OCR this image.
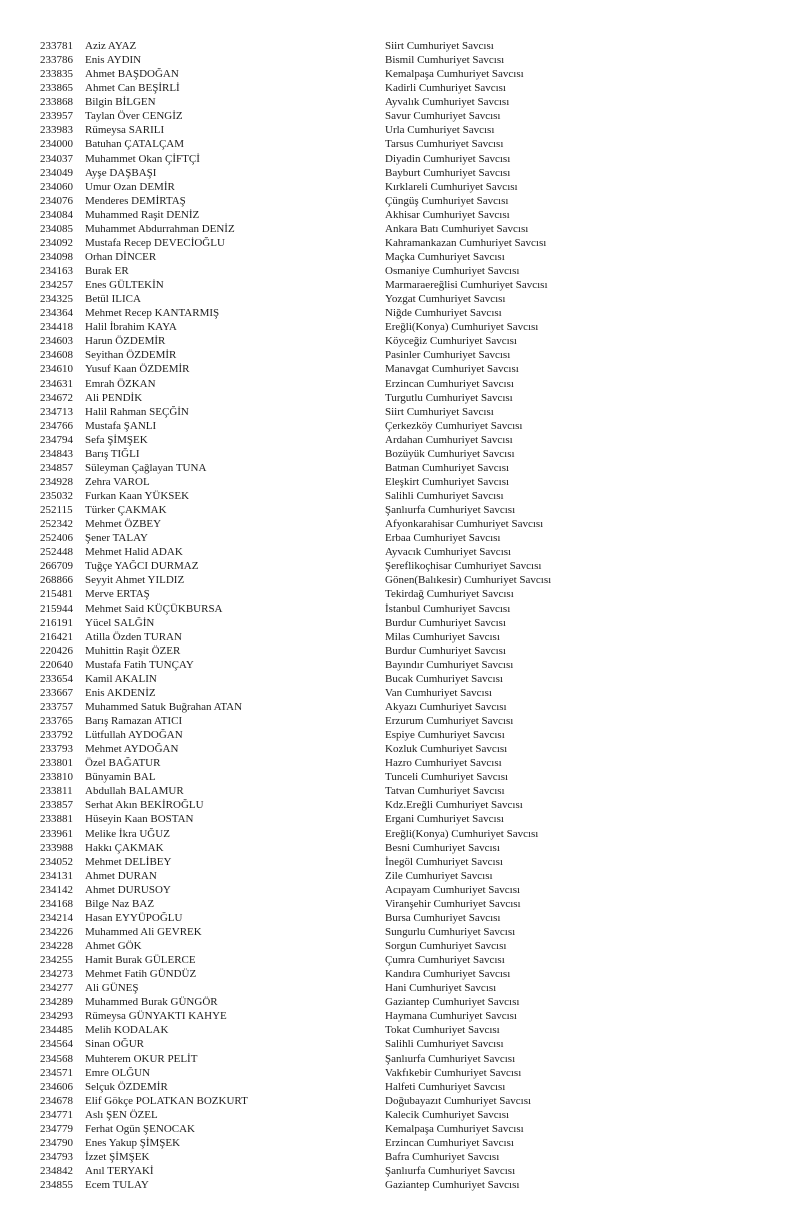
233781	Aziz AYAZ	Siirt Cumhuriyet Savcısı
233786	Enis AYDIN	Bismil Cumhuriyet Savcısı
233835	Ahmet BAŞDOĞAN	Kemalpaşa Cumhuriyet Savcısı
233865	Ahmet Can BEŞİRLİ	Kadirli Cumhuriyet Savcısı
233868	Bilgin BİLGEN	Ayvalık Cumhuriyet Savcısı
233957	Taylan Över CENGİZ	Savur Cumhuriyet Savcısı
233983	Rümeysa SARILI	Urla Cumhuriyet Savcısı
234000	Batuhan ÇATALÇAM	Tarsus Cumhuriyet Savcısı
234037	Muhammet Okan ÇİFTÇİ	Diyadin Cumhuriyet Savcısı
234049	Ayşe DAŞBAŞI	Bayburt Cumhuriyet Savcısı
234060	Umur Ozan DEMİR	Kırklareli Cumhuriyet Savcısı
234076	Menderes DEMİRTAŞ	Çüngüş Cumhuriyet Savcısı
234084	Muhammed Raşit DENİZ	Akhisar Cumhuriyet Savcısı
234085	Muhammet Abdurrahman DENİZ	Ankara Batı Cumhuriyet Savcısı
234092	Mustafa Recep DEVECİOĞLU	Kahramankazan Cumhuriyet Savcısı
234098	Orhan DİNCER	Maçka Cumhuriyet Savcısı
234163	Burak ER	Osmaniye Cumhuriyet Savcısı
234257	Enes GÜLTEKİN	Marmaraereğlisi Cumhuriyet Savcısı
234325	Betül ILICA	Yozgat Cumhuriyet Savcısı
234364	Mehmet Recep KANTARMIŞ	Niğde Cumhuriyet Savcısı
234418	Halil İbrahim KAYA	Ereğli(Konya) Cumhuriyet Savcısı
234603	Harun ÖZDEMİR	Köyceğiz Cumhuriyet Savcısı
234608	Seyithan ÖZDEMİR	Pasinler Cumhuriyet Savcısı
234610	Yusuf Kaan ÖZDEMİR	Manavgat Cumhuriyet Savcısı
234631	Emrah ÖZKAN	Erzincan Cumhuriyet Savcısı
234672	Ali PENDİK	Turgutlu Cumhuriyet Savcısı
234713	Halil Rahman SEÇĞİN	Siirt Cumhuriyet Savcısı
234766	Mustafa ŞANLI	Çerkezköy Cumhuriyet Savcısı
234794	Sefa ŞİMŞEK	Ardahan Cumhuriyet Savcısı
234843	Barış TIĞLI	Bozüyük Cumhuriyet Savcısı
234857	Süleyman Çağlayan TUNA	Batman Cumhuriyet Savcısı
234928	Zehra VAROL	Eleşkirt Cumhuriyet Savcısı
235032	Furkan Kaan YÜKSEK	Salihli Cumhuriyet Savcısı
252115	Türker ÇAKMAK	Şanlıurfa Cumhuriyet Savcısı
252342	Mehmet ÖZBEY	Afyonkarahisar Cumhuriyet Savcısı
252406	Şener TALAY	Erbaa Cumhuriyet Savcısı
252448	Mehmet Halid ADAK	Ayvacık Cumhuriyet Savcısı
266709	Tuğçe YAĞCI DURMAZ	Şereflikoçhisar Cumhuriyet Savcısı
268866	Seyyit Ahmet YILDIZ	Gönen(Balıkesir) Cumhuriyet Savcısı
215481	Merve ERTAŞ	Tekirdağ Cumhuriyet Savcısı
215944	Mehmet Said KÜÇÜKBURSA	İstanbul Cumhuriyet Savcısı
216191	Yücel SALĞİN	Burdur Cumhuriyet Savcısı
216421	Atilla Özden TURAN	Milas Cumhuriyet Savcısı
220426	Muhittin Raşit ÖZER	Burdur Cumhuriyet Savcısı
220640	Mustafa Fatih TUNÇAY	Bayındır Cumhuriyet Savcısı
233654	Kamil AKALIN	Bucak Cumhuriyet Savcısı
233667	Enis AKDENİZ	Van Cumhuriyet Savcısı
233757	Muhammed Satuk Buğrahan ATAN	Akyazı Cumhuriyet Savcısı
233765	Barış Ramazan ATICI	Erzurum Cumhuriyet Savcısı
233792	Lütfullah AYDOĞAN	Espiye Cumhuriyet Savcısı
233793	Mehmet AYDOĞAN	Kozluk Cumhuriyet Savcısı
233801	Özel BAĞATUR	Hazro Cumhuriyet Savcısı
233810	Bünyamin BAL	Tunceli Cumhuriyet Savcısı
233811	Abdullah BALAMUR	Tatvan Cumhuriyet Savcısı
233857	Serhat Akın BEKİROĞLU	Kdz.Ereğli Cumhuriyet Savcısı
233881	Hüseyin Kaan BOSTAN	Ergani Cumhuriyet Savcısı
233961	Melike İkra UĞUZ	Ereğli(Konya) Cumhuriyet Savcısı
233988	Hakkı ÇAKMAK	Besni Cumhuriyet Savcısı
234052	Mehmet DELİBEY	İnegöl Cumhuriyet Savcısı
234131	Ahmet DURAN	Zile Cumhuriyet Savcısı
234142	Ahmet DURUSOY	Acıpayam Cumhuriyet Savcısı
234168	Bilge Naz BAZ	Viranşehir Cumhuriyet Savcısı
234214	Hasan EYYÜPOĞLU	Bursa Cumhuriyet Savcısı
234226	Muhammed Ali GEVREK	Sungurlu Cumhuriyet Savcısı
234228	Ahmet GÖK	Sorgun Cumhuriyet Savcısı
234255	Hamit Burak GÜLERCE	Çumra Cumhuriyet Savcısı
234273	Mehmet Fatih GÜNDÜZ	Kandıra Cumhuriyet Savcısı
234277	Ali GÜNEŞ	Hani Cumhuriyet Savcısı
234289	Muhammed Burak GÜNGÖR	Gaziantep Cumhuriyet Savcısı
234293	Rümeysa GÜNYAKTI KAHYE	Haymana Cumhuriyet Savcısı
234485	Melih KODALAK	Tokat Cumhuriyet Savcısı
234564	Sinan OĞUR	Salihli Cumhuriyet Savcısı
234568	Muhterem OKUR PELİT	Şanlıurfa Cumhuriyet Savcısı
234571	Emre OLĞUN	Vakfıkebir Cumhuriyet Savcısı
234606	Selçuk ÖZDEMİR	Halfeti Cumhuriyet Savcısı
234678	Elif Gökçe POLATKAN BOZKURT	Doğubayazıt Cumhuriyet Savcısı
234771	Aslı ŞEN ÖZEL	Kalecik Cumhuriyet Savcısı
234779	Ferhat Ogün ŞENOCAK	Kemalpaşa Cumhuriyet Savcısı
234790	Enes Yakup ŞİMŞEK	Erzincan Cumhuriyet Savcısı
234793	İzzet ŞİMŞEK	Bafra Cumhuriyet Savcısı
234842	Anıl TERYAKİ	Şanlıurfa Cumhuriyet Savcısı
234855	Ecem TULAY	Gaziantep Cumhuriyet Savcısı
